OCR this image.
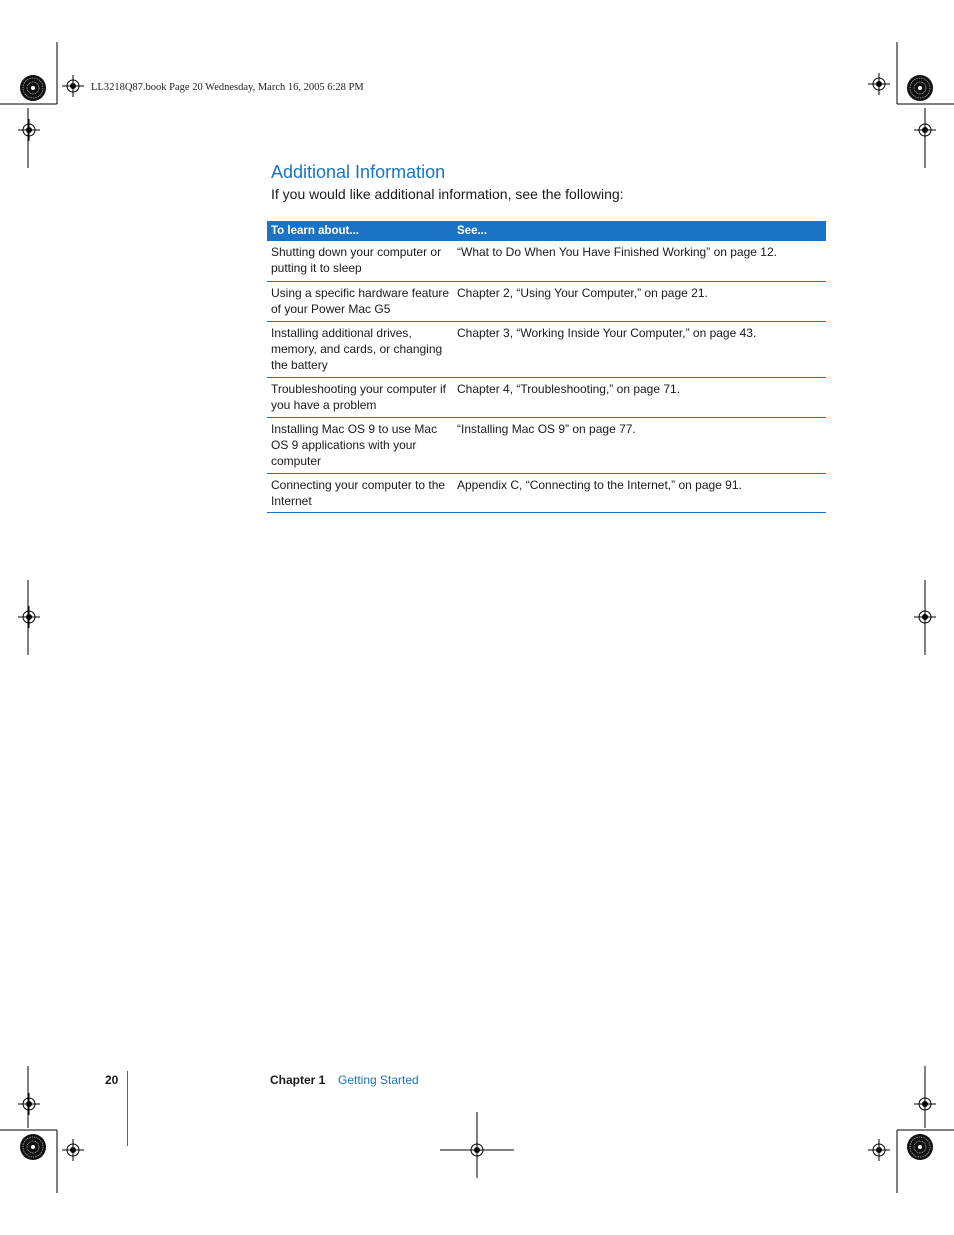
LL3218Q87.book Page 20 Wednesday, March 16, 2005 6:28 PM
Additional Information

If you would like additional information, see the following:

To learn about...	See...
Shutting down your computer or putting it to sleep
“What to Do When You Have Finished Working” on page 12.
Using a specific hardware feature of your Power Mac G5
Chapter 2, “Using Your Computer,” on page 21.
Installing additional drives, memory, and cards, or changing the battery
Chapter 3, “Working Inside Your Computer,” on page 43.
Troubleshooting your computer if you have a problem
Chapter 4, “Troubleshooting,” on page 71.
Installing Mac OS 9 to use Mac OS 9 applications with your computer
“Installing Mac OS 9” on page 77.
Connecting your computer to the Internet
Appendix C, “Connecting to the Internet,” on page 91.
20	Chapter 1 Getting Started
